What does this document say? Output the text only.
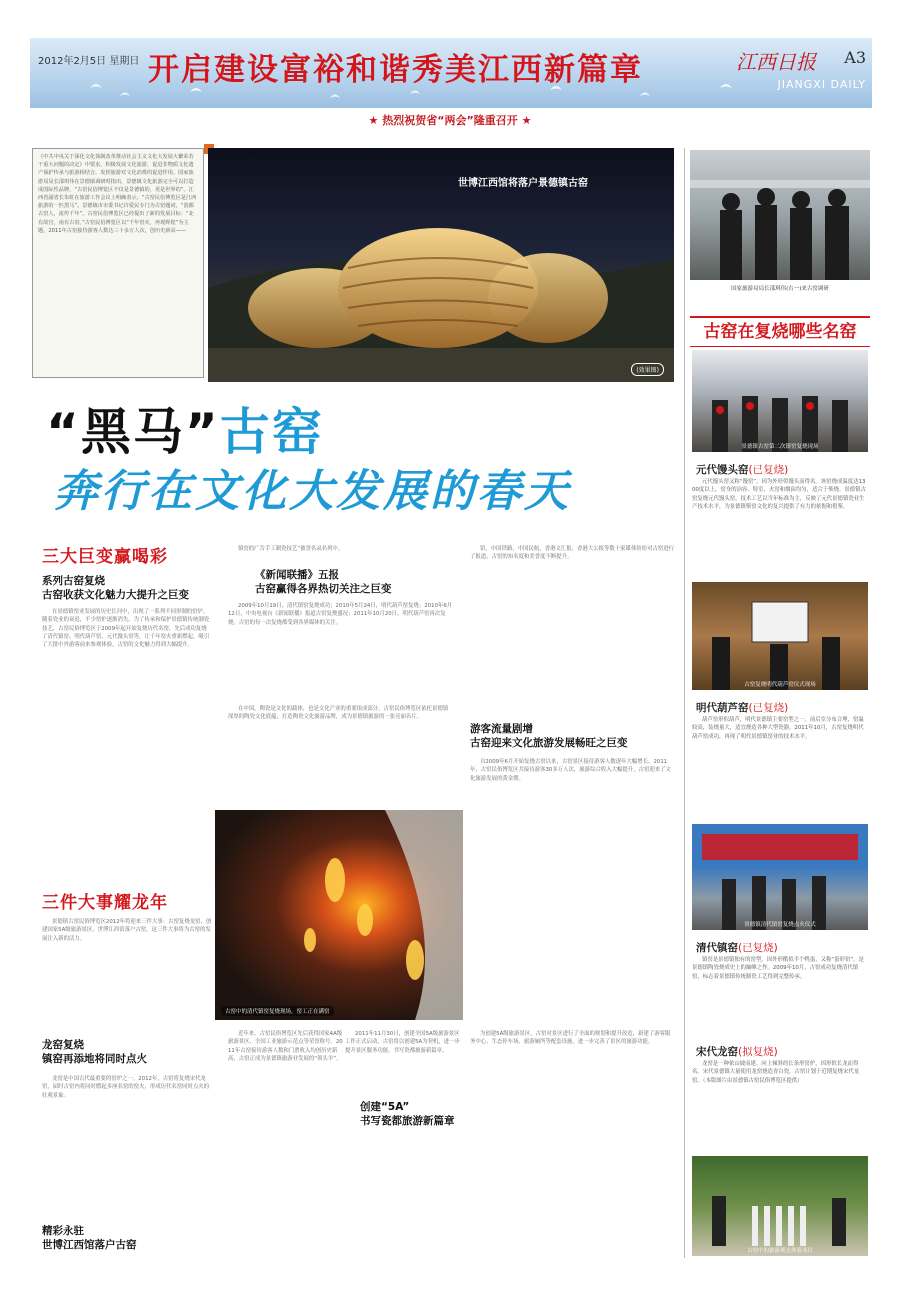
2012年2月5日 星期日 开启建设富裕和谐秀美江西新篇章	江西日报 A3
JIANGXI DAILY
★ 热烈祝贺省“两会”隆重召开 ★
《中共中央关于深化文化体制改革推动社会主义文化大发展大繁荣若干重大问题的决定》中要求，积极发展文化旅游，促进非物质文化遗产保护传承与旅游相结合。发挥旅游对文化消费的促进作用。国家旅游局局长邵琪伟在景德镇调研时指出，景德镇文化旅游完全可以打造成国际性品牌，“古窑民俗博览区不仅是景德镇的，更是世界的”。江西省副省长朱虹在旅游工作会议上明确表示，“古窑民俗博览区是江西旅游的一匹黑马”。景德镇市市委书记许爱民专门为古窑题词，“瓷都古窑人，流传千年”。古窑民俗博览区已经提出了新的发展目标：“北有故宫，南有古窑。”古窑民俗博览区以“千年窑火，再现辉煌”为主题，2011年古窑接待游客人数达三十多万人次，创历史新高——
世博江西馆将落户景德镇古窑
(效果图)
“黑马”古窑
奔行在文化大发展的春天
三大巨变赢喝彩
系列古窑复烧
古窑收获文化魅力大提升之巨变
在景德镇窑业发展的历史长河中，出现了一系列不同形制的窑炉。随着瓷业的衰退，不少窑炉逐渐消失。为了传承和保护景德镇传统制瓷技艺，古窑民俗博览区于2009年起开始复烧历代名窑，先后成功复烧了清代镇窑、明代葫芦窑、元代馒头窑等，让千年窑火重新燃起，吸引了大批中外游客前来参观体验，古窑的文化魅力得到大幅提升。
三件大事耀龙年
景德镇古窑民俗博览区2012年将迎来三件大事：古窑复烧龙窑、创建国家5A级旅游景区、世博江西馆落户古窑。这三件大事将为古窑的发展注入新的活力。
龙窑复烧
镇窑再添地将同时点火
龙窑是中国古代最重要的窑炉之一。2012年，古窑将复烧宋代龙窑，届时古窑内将同时燃起多座名窑的窑火，形成历代名窑同时点火的壮观景象。
精彩永驻
世博江西馆落户古窑
镇窑的广告手工制瓷技艺”被誉名录名列中。
《新闻联播》五报
古窑赢得各界热切关注之巨变
2009年10月19日，清代镇窑复烧成功；2010年5月24日，明代葫芦窑复烧；2010年6月12日，中央电视台《新闻联播》报道古窑复烧盛况；2011年10月20日，明代葫芦窑再次复烧。古窑的每一次复烧都受到各界媒体的关注。
在中国，陶瓷是文化的载体，也是文化产业的重要组成部分。古窑民俗博览区依托景德镇深厚的陶瓷文化底蕴，打造陶瓷文化旅游品牌，成为景德镇旅游的一张亮丽名片。
古窑中的清代镇窑复烧现场，窑工正在满窑
近年来，古窑民俗博览区先后获得国家4A级旅游景区、全国工业旅游示范点等荣誉称号。2011年古窑接待游客人数和门票收入均创历史新高，古窑正成为景德镇旅游业发展的“领头羊”。
创建“5A”
书写瓷都旅游新篇章
2011年11月30日，创建全国5A级旅游景区工作正式启动，古窑将以创建5A为契机，进一步提升景区服务功能，书写瓷都旅游新篇章。
馆，中国铁路，中国民航，香港文汇报，香港大公报等数十家媒体纷纷对古窑进行了报道，古窑的知名度和美誉度不断提升。
游客流量剧增
古窑迎来文化旅游发展畅旺之巨变
自2009年6月开始复烧古窑以来，古窑景区接待游客人数逐年大幅增长。2011年，古窑民俗博览区共接待游客30多万人次，旅游综合收入大幅提升，古窑迎来了文化旅游发展的黄金期。
为创建5A级旅游景区，古窑对景区进行了全面的规划和提升改造，新建了游客服务中心、生态停车场、旅游厕所等配套设施，进一步完善了景区的旅游功能。
国家旅游局局长邵琪伟(右一)来古窑调研
古窑在复烧哪些名窑
景德镇古窑第二次镇窑复烧现场
元代馒头窑(已复烧)
元代馒头窑又称“馒窑”，因为外形似馒头而得名。该窑烧成温度达1300度以上，窑身的冶容、特室、火窑和烟囱均匀，适合于柴烧。景德镇古窑复烧元代馒头窑，技术工艺以当年标准为主，反映了元代景德镇瓷业生产技术水平，为景德镇柴窑文化的复兴提供了有力的依据和借鉴。
古窑复烧明代葫芦窑仪式现场
明代葫芦窑(已复烧)
葫芦窑形似葫芦，明代景德镇主要窑型之一。前后室分布合理，窑温较高，装烧量大，适宜烧造各种大型瓷器。2011年10月，古窑复烧明代葫芦窑成功，再现了明代景德镇窑业的技术水平。
景德镇清代镇窑复烧点火仪式
清代镇窑(已复烧)
镇窑是景德镇独有的窑型，因外形酷似半个鸭蛋，又称“蛋形窑”，是景德镇陶瓷烧成史上的巅峰之作。2009年10月，古窑成功复烧清代镇窑，标志着景德镇传统制瓷工艺得到完整传承。
宋代龙窑(拟复烧)
龙窑是一种依山坡而建、向上倾斜的长条形窑炉，因形似长龙而得名。宋代景德镇大量使用龙窑烧造青白瓷，古窑计划于近期复烧宋代龙窑。（本版图片由景德镇古窑民俗博览区提供）
古窑中的旅游观光体验项目
